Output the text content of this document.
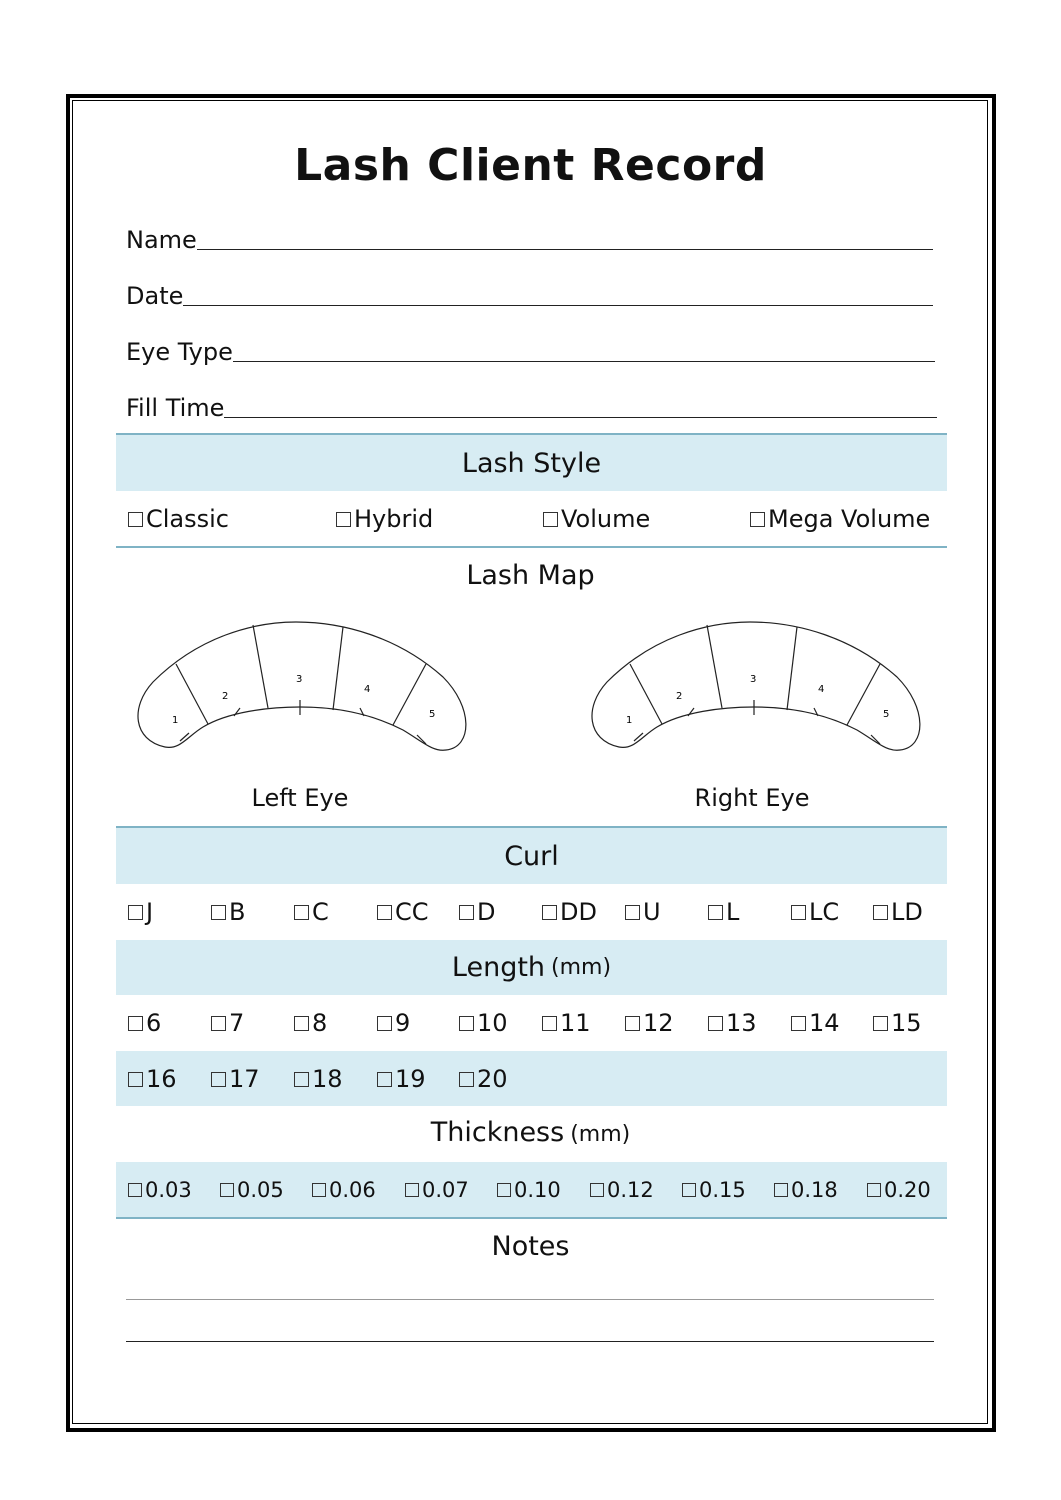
Lash Client Record
Name
Date
Eye Type
Fill Time
Lash Style
Classic	Hybrid	Volume	Mega Volume
Lash Map
1
2
3
4
5
1
2
3
4
5
Left Eye	Right Eye
Curl
J	B	C	CC D	DD U	L	LC LD
Length (mm)
6	7	8	9	10 11 12 13 14 15
16 17 18 19 20
Thickness (mm)
0.03 0.05 0.06 0.07 0.10 0.12 0.15 0.18 0.20
Notes
